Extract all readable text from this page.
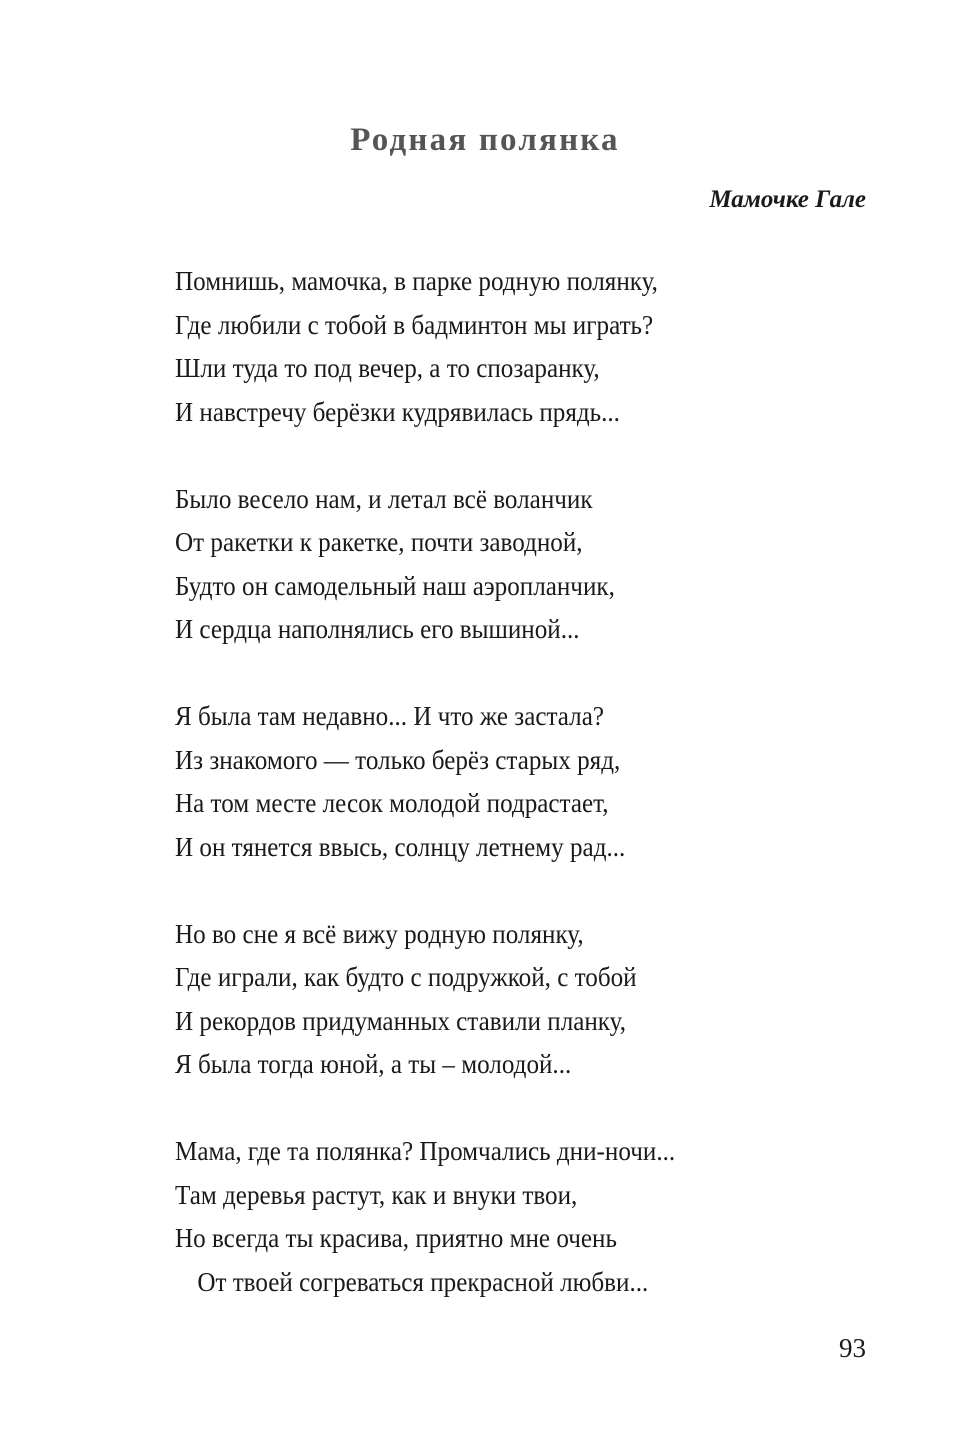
Родная полянка
Мамочке Гале
Помнишь, мамочка, в парке родную полянку,
Где любили с тобой в бадминтон мы играть?
Шли туда то под вечер, а то спозаранку,
И навстречу берёзки кудрявилась прядь...
Было весело нам, и летал всё воланчик
От ракетки к ракетке, почти заводной,
Будто он самодельный наш аэропланчик,
И сердца наполнялись его вышиной...
Я была там недавно... И что же застала?
Из знакомого — только берёз старых ряд,
На том месте лесок молодой подрастает,
И он тянется ввысь, солнцу летнему рад...
Но во сне я всё вижу родную полянку,
Где играли, как будто с подружкой, с тобой
И рекордов придуманных ставили планку,
Я была тогда юной, а ты – молодой...
Мама, где та полянка? Промчались дни-ночи...
Там деревья растут, как и внуки твои,
Но всегда ты красива, приятно мне очень
От твоей согреваться прекрасной любви...
93
